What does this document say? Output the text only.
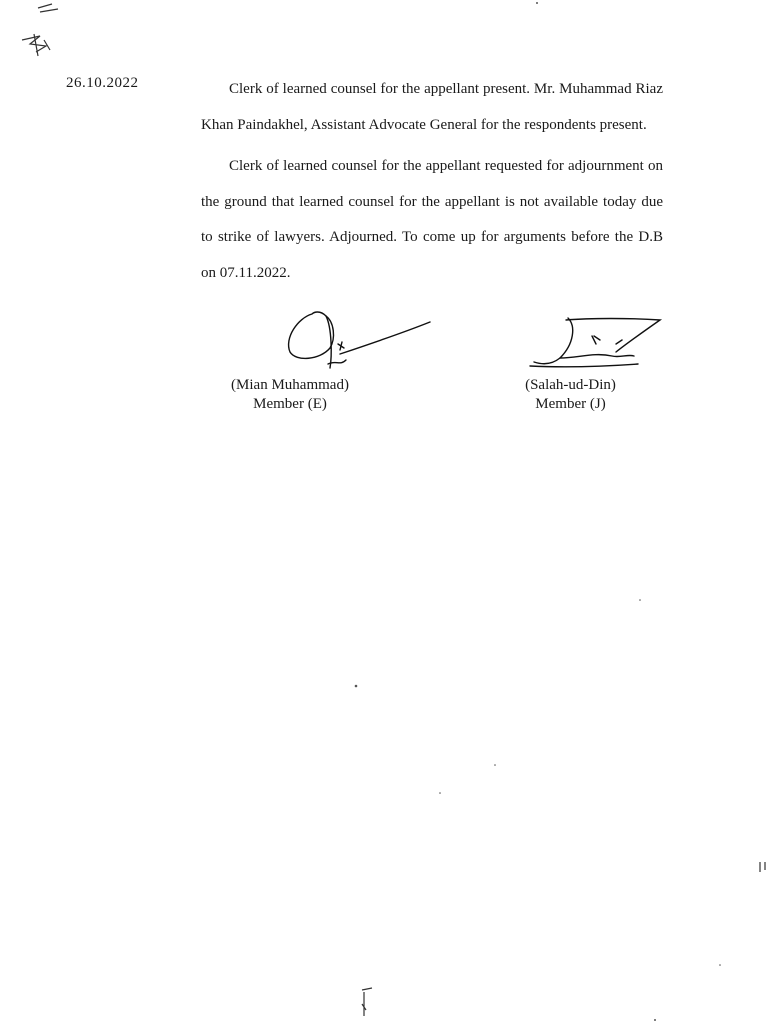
26.10.2022	Clerk of learned counsel for the appellant present. Mr. Muhammad Riaz Khan Paindakhel, Assistant Advocate General for the respondents present.

Clerk of learned counsel for the appellant requested for adjournment on the ground that learned counsel for the appellant is not available today due to strike of lawyers. Adjourned. To come up for arguments before the D.B on 07.11.2022.

(Mian Muhammad)
Member (E)
(Salah-ud-Din)
Member (J)
